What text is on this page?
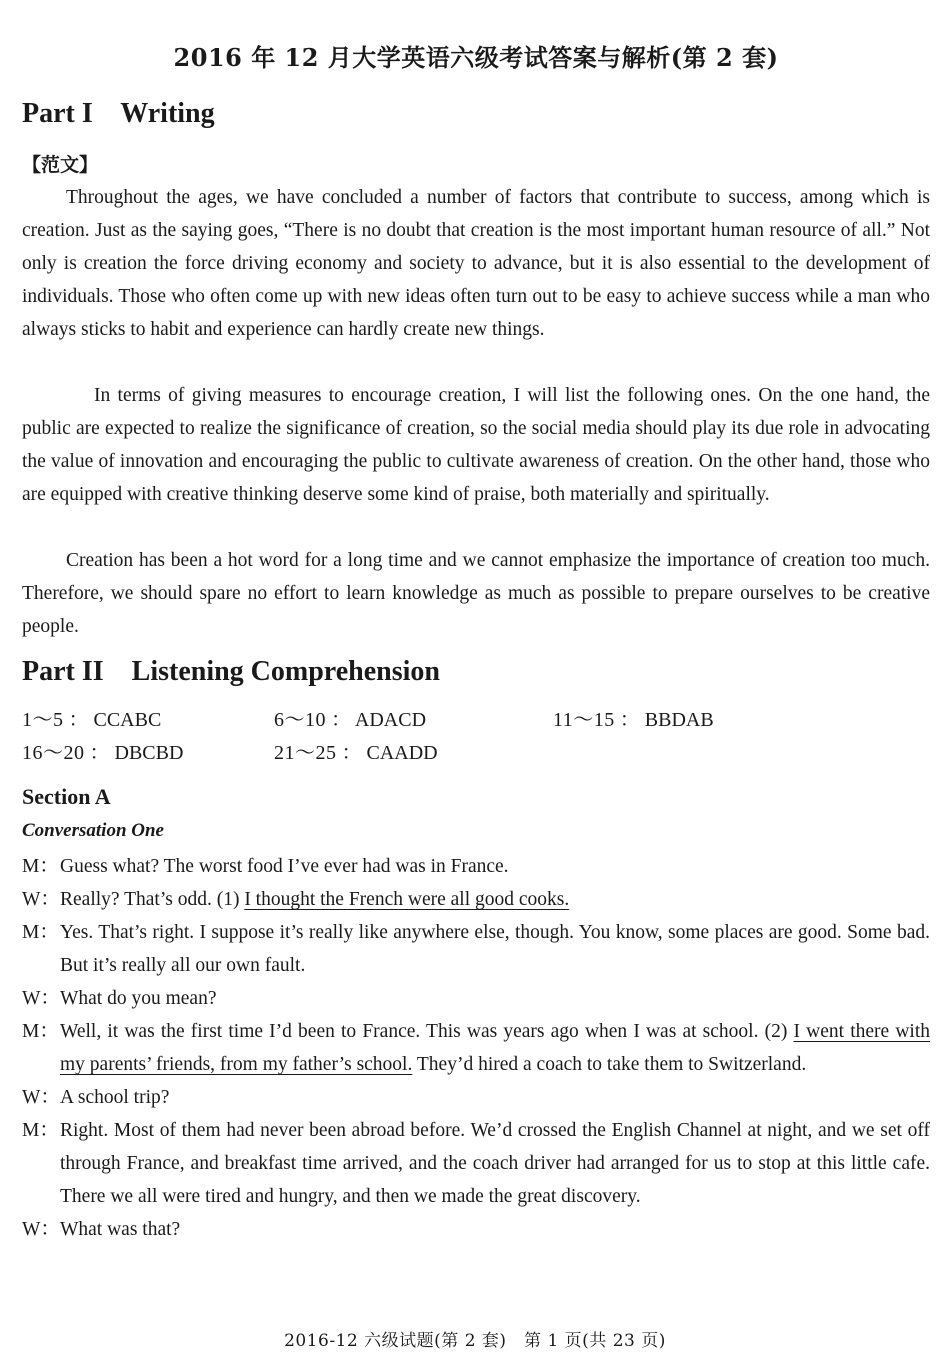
2016 年 12 月大学英语六级考试答案与解析(第 2 套)
Part I    Writing
【范文】

Throughout the ages, we have concluded a number of factors that contribute to success, among which is creation. Just as the saying goes, “There is no doubt that creation is the most important human resource of all.” Not only is creation the force driving economy and society to advance, but it is also essential to the development of individuals. Those who often come up with new ideas often turn out to be easy to achieve success while a man who always sticks to habit and experience can hardly create new things.

In terms of giving measures to encourage creation, I will list the following ones. On the one hand, the public are expected to realize the significance of creation, so the social media should play its due role in advocating the value of innovation and encouraging the public to cultivate awareness of creation. On the other hand, those who are equipped with creative thinking deserve some kind of praise, both materially and spiritually.

Creation has been a hot word for a long time and we cannot emphasize the importance of creation too much. Therefore, we should spare no effort to learn knowledge as much as possible to prepare ourselves to be creative people.

Part II    Listening Comprehension
1～5 ： CCABC	6～10 ： ADACD	11～15 ： BBDAB
16～20 ： DBCBD	21～25 ： CAADD
Section A
Conversation One
M： Guess what? The worst food I’ve ever had was in France.
W： Really? That’s odd. (1) I thought the French were all good cooks.
M： Yes. That’s right. I suppose it’s really like anywhere else, though. You know, some places are good. Some bad. But it’s really all our own fault.
W： What do you mean?
M： Well, it was the first time I’d been to France. This was years ago when I was at school. (2) I went there with my parents’ friends, from my father’s school. They’d hired a coach to take them to Switzerland.
W： A school trip?
M： Right. Most of them had never been abroad before. We’d crossed the English Channel at night, and we set off through France, and breakfast time arrived, and the coach driver had arranged for us to stop at this little cafe. There we all were tired and hungry, and then we made the great discovery.
W： What was that?
2016-12 六级试题(第 2 套)　第 1 页(共 23 页)
